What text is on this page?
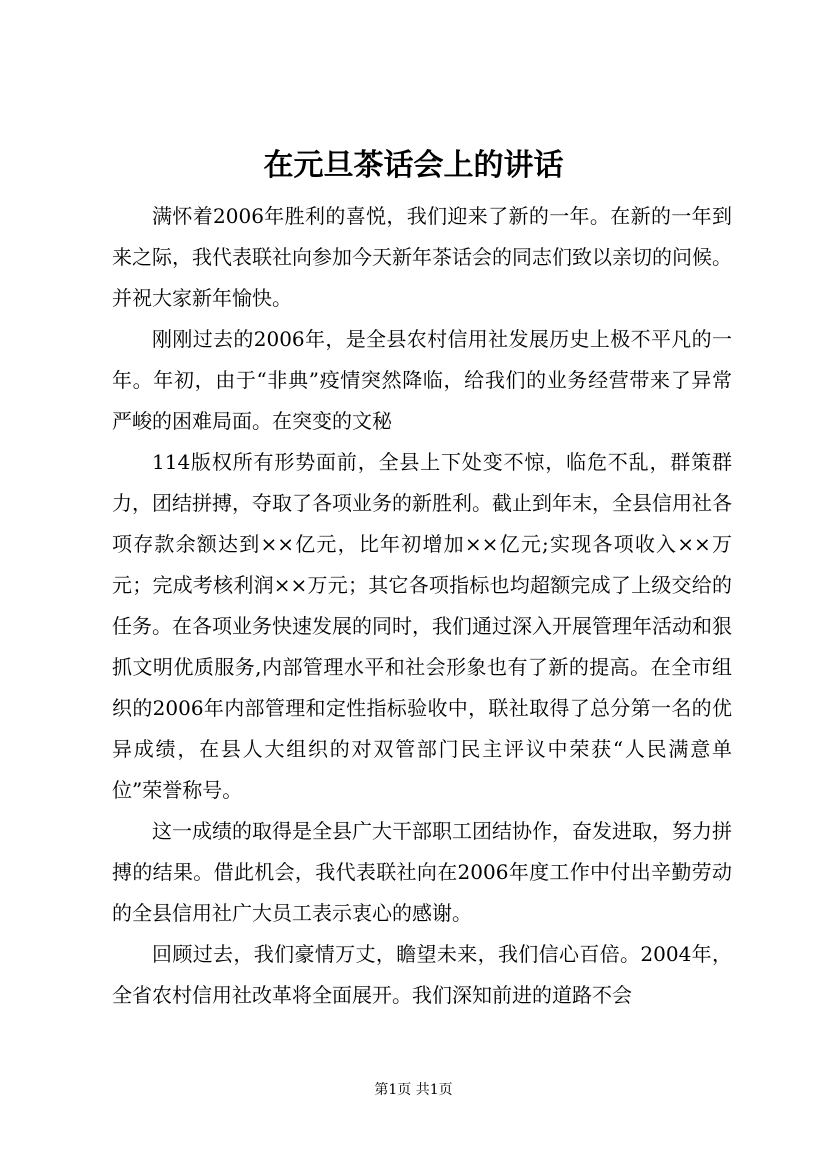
在元旦茶话会上的讲话

满怀着2006年胜利的喜悦，我们迎来了新的一年。在新的一年到来之际，我代表联社向参加今天新年茶话会的同志们致以亲切的问候。并祝大家新年愉快。

刚刚过去的2006年，是全县农村信用社发展历史上极不平凡的一年。年初，由于“非典”疫情突然降临，给我们的业务经营带来了异常严峻的困难局面。在突变的文秘

114版权所有形势面前，全县上下处变不惊，临危不乱，群策群力，团结拼搏，夺取了各项业务的新胜利。截止到年末，全县信用社各项存款余额达到××亿元，比年初增加××亿元;实现各项收入××万元；完成考核利润××万元；其它各项指标也均超额完成了上级交给的任务。在各项业务快速发展的同时，我们通过深入开展管理年活动和狠抓文明优质服务,内部管理水平和社会形象也有了新的提高。在全市组织的2006年内部管理和定性指标验收中，联社取得了总分第一名的优异成绩，在县人大组织的对双管部门民主评议中荣获“人民满意单位”荣誉称号。

这一成绩的取得是全县广大干部职工团结协作，奋发进取，努力拼搏的结果。借此机会，我代表联社向在2006年度工作中付出辛勤劳动的全县信用社广大员工表示衷心的感谢。

回顾过去，我们豪情万丈，瞻望未来，我们信心百倍。2004年，全省农村信用社改革将全面展开。我们深知前进的道路不会

第1页 共1页
